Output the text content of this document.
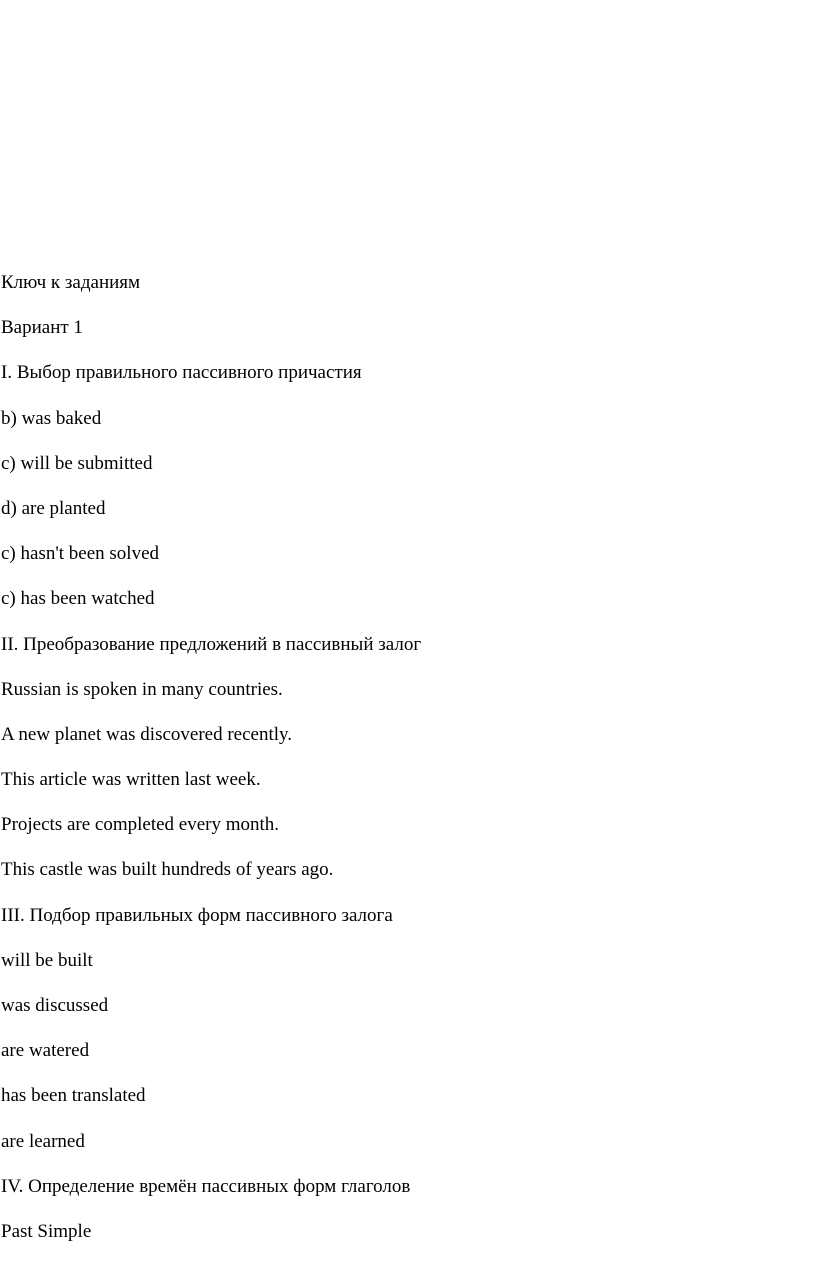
Ключ к заданиям

Вариант 1

I. Выбор правильного пассивного причастия

b) was baked

c) will be submitted

d) are planted

c) hasn't been solved

c) has been watched

II. Преобразование предложений в пассивный залог

Russian is spoken in many countries.

A new planet was discovered recently.

This article was written last week.

Projects are completed every month.

This castle was built hundreds of years ago.

III. Подбор правильных форм пассивного залога

will be built

was discussed

are watered

has been translated

are learned

IV. Определение времён пассивных форм глаголов

Past Simple
